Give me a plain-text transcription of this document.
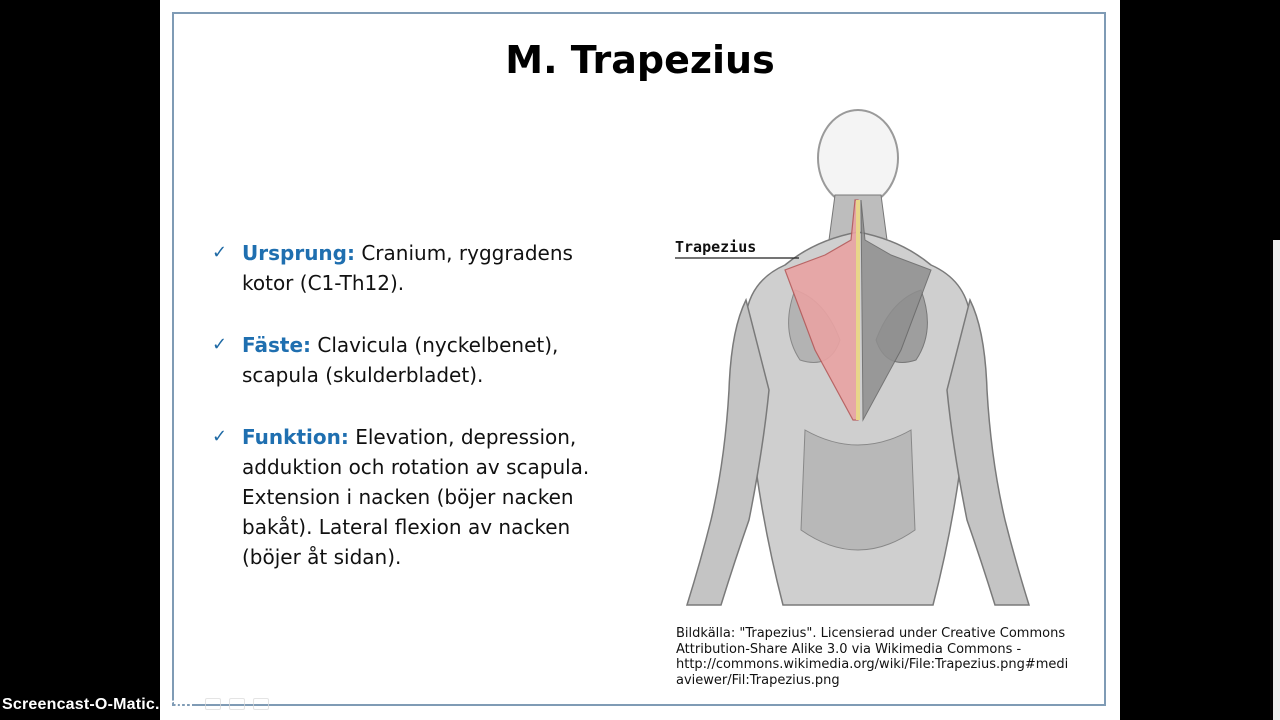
M. Trapezius
✓ Ursprung: Cranium, ryggradens kotor (C1-Th12).
✓ Fäste: Clavicula (nyckelbenet), scapula (skulderbladet).
✓ Funktion: Elevation, depression, adduktion och rotation av scapula. Extension i nacken (böjer nacken bakåt). Lateral flexion av nacken (böjer åt sidan).
Trapezius
Bildkälla: "Trapezius". Licensierad under Creative Commons
Attribution-Share Alike 3.0 via Wikimedia Commons -
http://commons.wikimedia.org/wiki/File:Trapezius.png#medi
aviewer/Fil:Trapezius.png
Screencast-O-Matic.com
